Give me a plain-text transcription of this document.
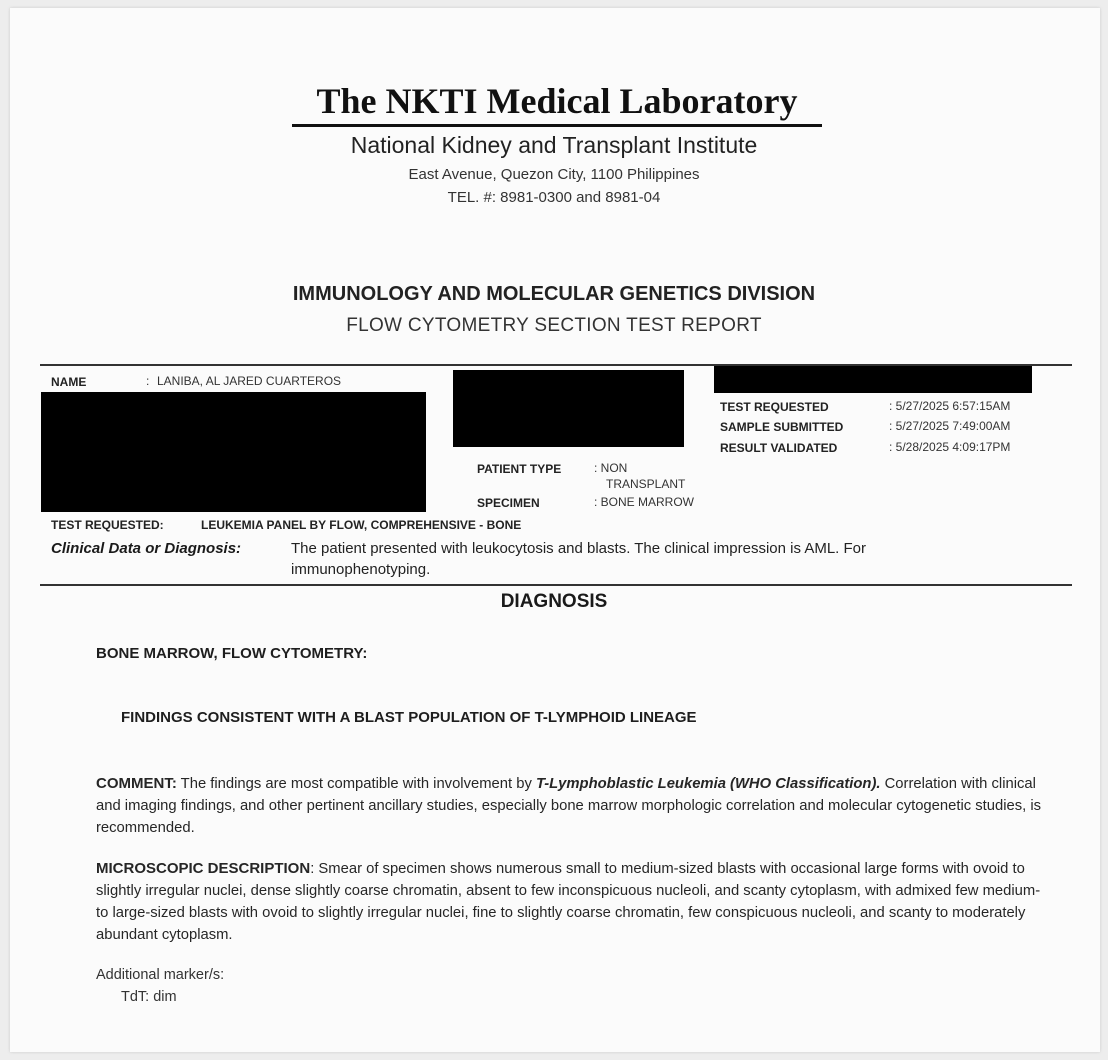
The NKTI Medical Laboratory
National Kidney and Transplant Institute
East Avenue, Quezon City, 1100 Philippines
TEL. #: 8981-0300 and 8981-04
IMMUNOLOGY AND MOLECULAR GENETICS DIVISION
FLOW CYTOMETRY SECTION TEST REPORT
NAME	: LANIBA, AL JARED CUARTEROS
PATIENT TYPE	: NON
TRANSPLANT
SPECIMEN	: BONE MARROW
TEST REQUESTED	: 5/27/2025 6:57:15AM
SAMPLE SUBMITTED	: 5/27/2025 7:49:00AM
RESULT VALIDATED	: 5/28/2025 4:09:17PM
TEST REQUESTED:	LEUKEMIA PANEL BY FLOW, COMPREHENSIVE - BONE
Clinical Data or Diagnosis:	The patient presented with leukocytosis and blasts. The clinical impression is AML. For
immunophenotyping.
DIAGNOSIS
BONE MARROW, FLOW CYTOMETRY:
FINDINGS CONSISTENT WITH A BLAST POPULATION OF T-LYMPHOID LINEAGE
COMMENT: The findings are most compatible with involvement by T-Lymphoblastic Leukemia (WHO Classification). Correlation with clinical and imaging findings, and other pertinent ancillary studies, especially bone marrow morphologic correlation and molecular cytogenetic studies, is recommended.
MICROSCOPIC DESCRIPTION: Smear of specimen shows numerous small to medium-sized blasts with occasional large forms with ovoid to slightly irregular nuclei, dense slightly coarse chromatin, absent to few inconspicuous nucleoli, and scanty cytoplasm, with admixed few medium- to large-sized blasts with ovoid to slightly irregular nuclei, fine to slightly coarse chromatin, few conspicuous nucleoli, and scanty to moderately abundant cytoplasm.
Additional marker/s:
TdT: dim
